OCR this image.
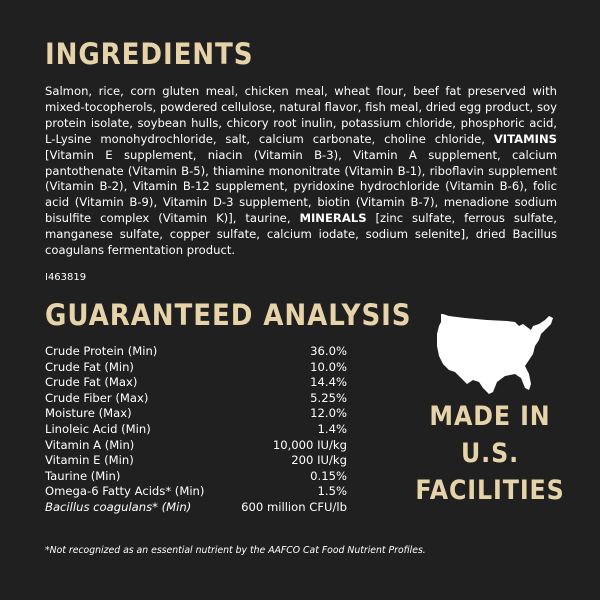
INGREDIENTS

Salmon, rice, corn gluten meal, chicken meal, wheat flour, beef fat preserved with mixed-tocopherols, powdered cellulose, natural flavor, fish meal, dried egg product, soy protein isolate, soybean hulls, chicory root inulin, potassium chloride, phosphoric acid, L-Lysine monohydrochloride, salt, calcium carbonate, choline chloride, VITAMINS [Vitamin E supplement, niacin (Vitamin B-3), Vitamin A supplement, calcium pantothenate (Vitamin B-5), thiamine mononitrate (Vitamin B-1), riboflavin supplement (Vitamin B-2), Vitamin B-12 supplement, pyridoxine hydrochloride (Vitamin B-6), folic acid (Vitamin B-9), Vitamin D-3 supplement, biotin (Vitamin B-7), menadione sodium bisulfite complex (Vitamin K)], taurine, MINERALS [zinc sulfate, ferrous sulfate, manganese sulfate, copper sulfate, calcium iodate, sodium selenite], dried Bacillus coagulans fermentation product.

I463819

GUARANTEED ANALYSIS
Crude Protein (Min)	36.0%
Crude Fat (Min)	10.0%
Crude Fat (Max)	14.4%
Crude Fiber (Max)	5.25%
Moisture (Max)	12.0%
Linoleic Acid (Min)	1.4%
Vitamin A (Min)	10,000 IU/kg
Vitamin E (Min)	200 IU/kg
Taurine (Min)	0.15%
Omega-6 Fatty Acids* (Min)	1.5%
Bacillus coagulans* (Min)	600 million CFU/lb
MADE IN
U.S.
FACILITIES

*Not recognized as an essential nutrient by the AAFCO Cat Food Nutrient Profiles.
